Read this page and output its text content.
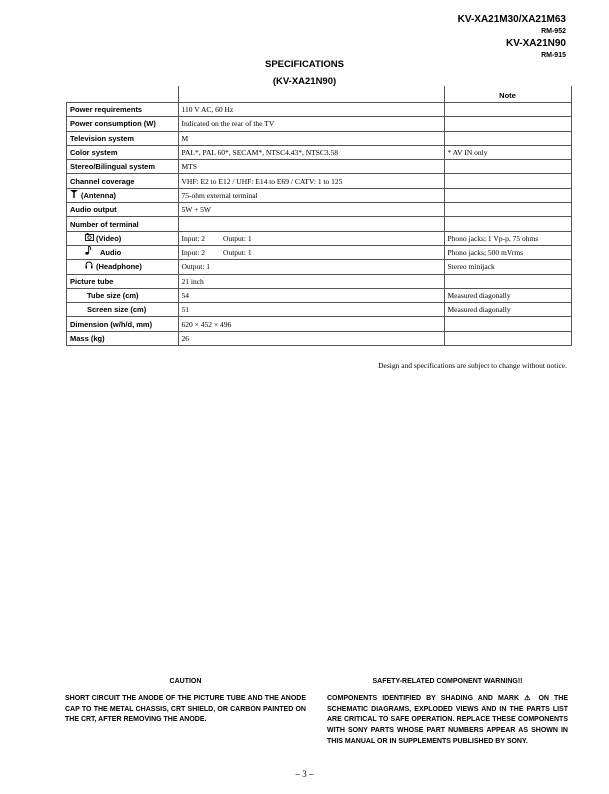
KV-XA21M30/XA21M63
RM-952
KV-XA21N90
RM-915
SPECIFICATIONS
(KV-XA21N90)
		Note
Power requirements	110 V AC, 60 Hz	
Power consumption (W)	Indicated on the rear of the TV	
Television system	M	
Color system	PAL*, PAL 60*, SECAM*, NTSC4.43*, NTSC3.58	* AV IN only
Stereo/Bilingual system	MTS	
Channel coverage	VHF: E2 to E12 / UHF: E14 to E69 / CATV: 1 to 125	
(Antenna)	75-ohm external terminal	
Audio output	5W + 5W	
Number of terminal		
(Video)	Input: 2 Output: 1	Phono jacks; 1 Vp-p, 75 ohms
Audio	Input: 2 Output: 1	Phono jacks; 500 mVrms
(Headphone)	Output: 1	Stereo minijack
Picture tube	21 inch	
Tube size (cm)	54	Measured diagonally
Screen size (cm)	51	Measured diagonally
Dimension (w/h/d, mm)	620 × 452 × 496	
Mass (kg)	26	
Design and specifications are subject to change without notice.
CAUTION
SHORT CIRCUIT THE ANODE OF THE PICTURE TUBE AND THE ANODE CAP TO THE METAL CHASSIS, CRT SHIELD, OR CARBON PAINTED ON THE CRT, AFTER REMOVING THE ANODE.
SAFETY-RELATED COMPONENT WARNING!!
COMPONENTS IDENTIFIED BY SHADING AND MARK ⚠ ON THE SCHEMATIC DIAGRAMS, EXPLODED VIEWS AND IN THE PARTS LIST ARE CRITICAL TO SAFE OPERATION. REPLACE THESE COMPONENTS WITH SONY PARTS WHOSE PART NUMBERS APPEAR AS SHOWN IN THIS MANUAL OR IN SUPPLEMENTS PUBLISHED BY SONY.
– 3 –
